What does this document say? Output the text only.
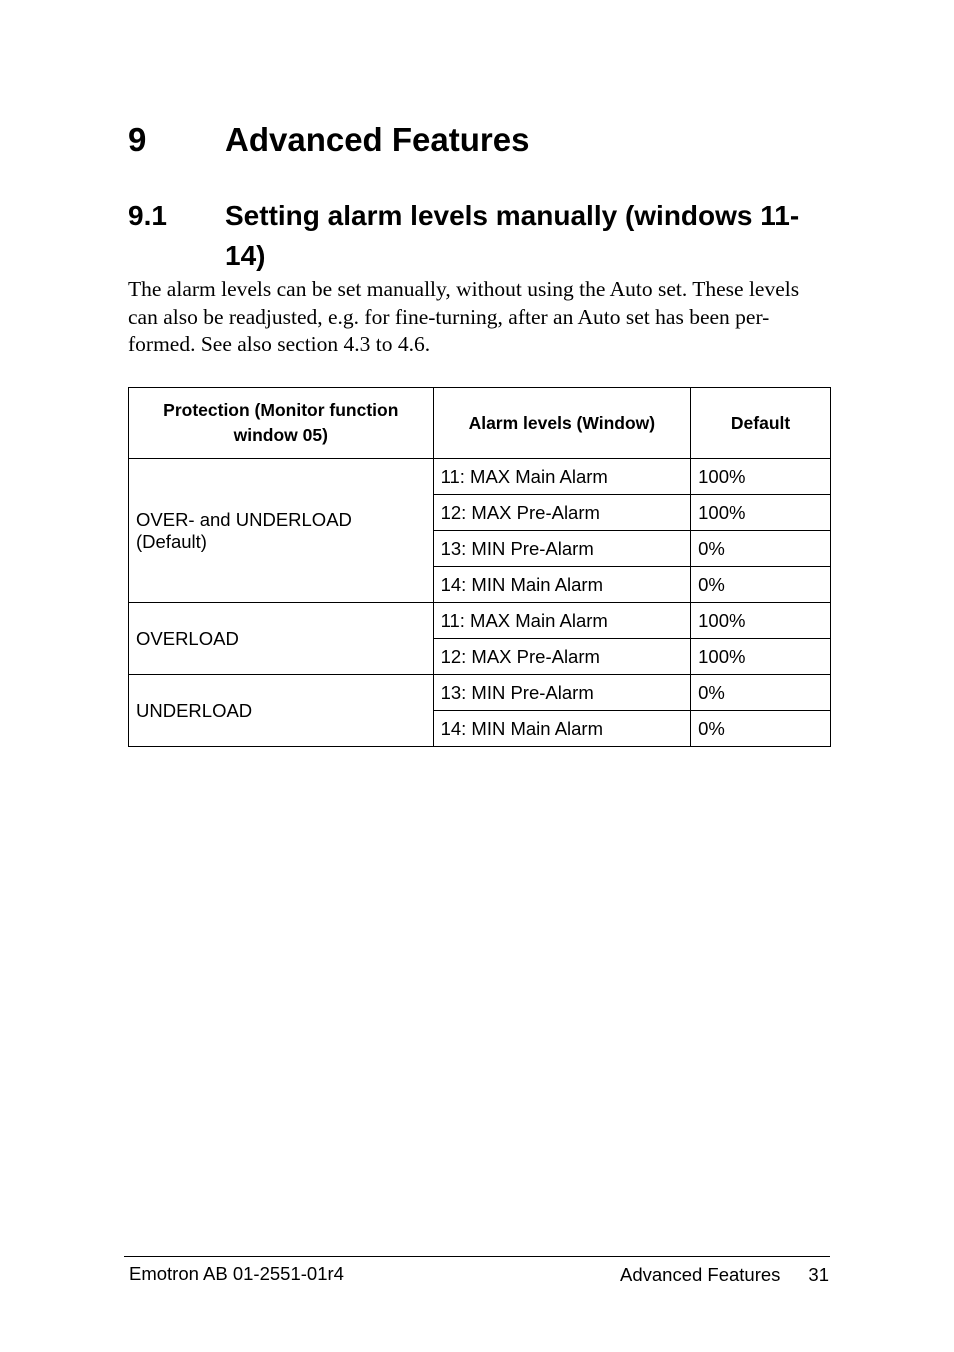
9 Advanced Features
9.1 Setting alarm levels manually (windows 11-14)
The alarm levels can be set manually, without using the Auto set. These levels can also be readjusted, e.g. for fine-turning, after an Auto set has been per-formed. See also section 4.3 to 4.6.
Protection (Monitor function window 05)	Alarm levels (Window)	Default
OVER- and UNDERLOAD (Default)	11: MAX Main Alarm	100%
	12: MAX Pre-Alarm	100%
	13: MIN Pre-Alarm	0%
	14: MIN Main Alarm	0%
OVERLOAD	11: MAX Main Alarm	100%
	12: MAX Pre-Alarm	100%
UNDERLOAD	13: MIN Pre-Alarm	0%
	14: MIN Main Alarm	0%
Emotron AB 01-2551-01r4	Advanced Features 31
